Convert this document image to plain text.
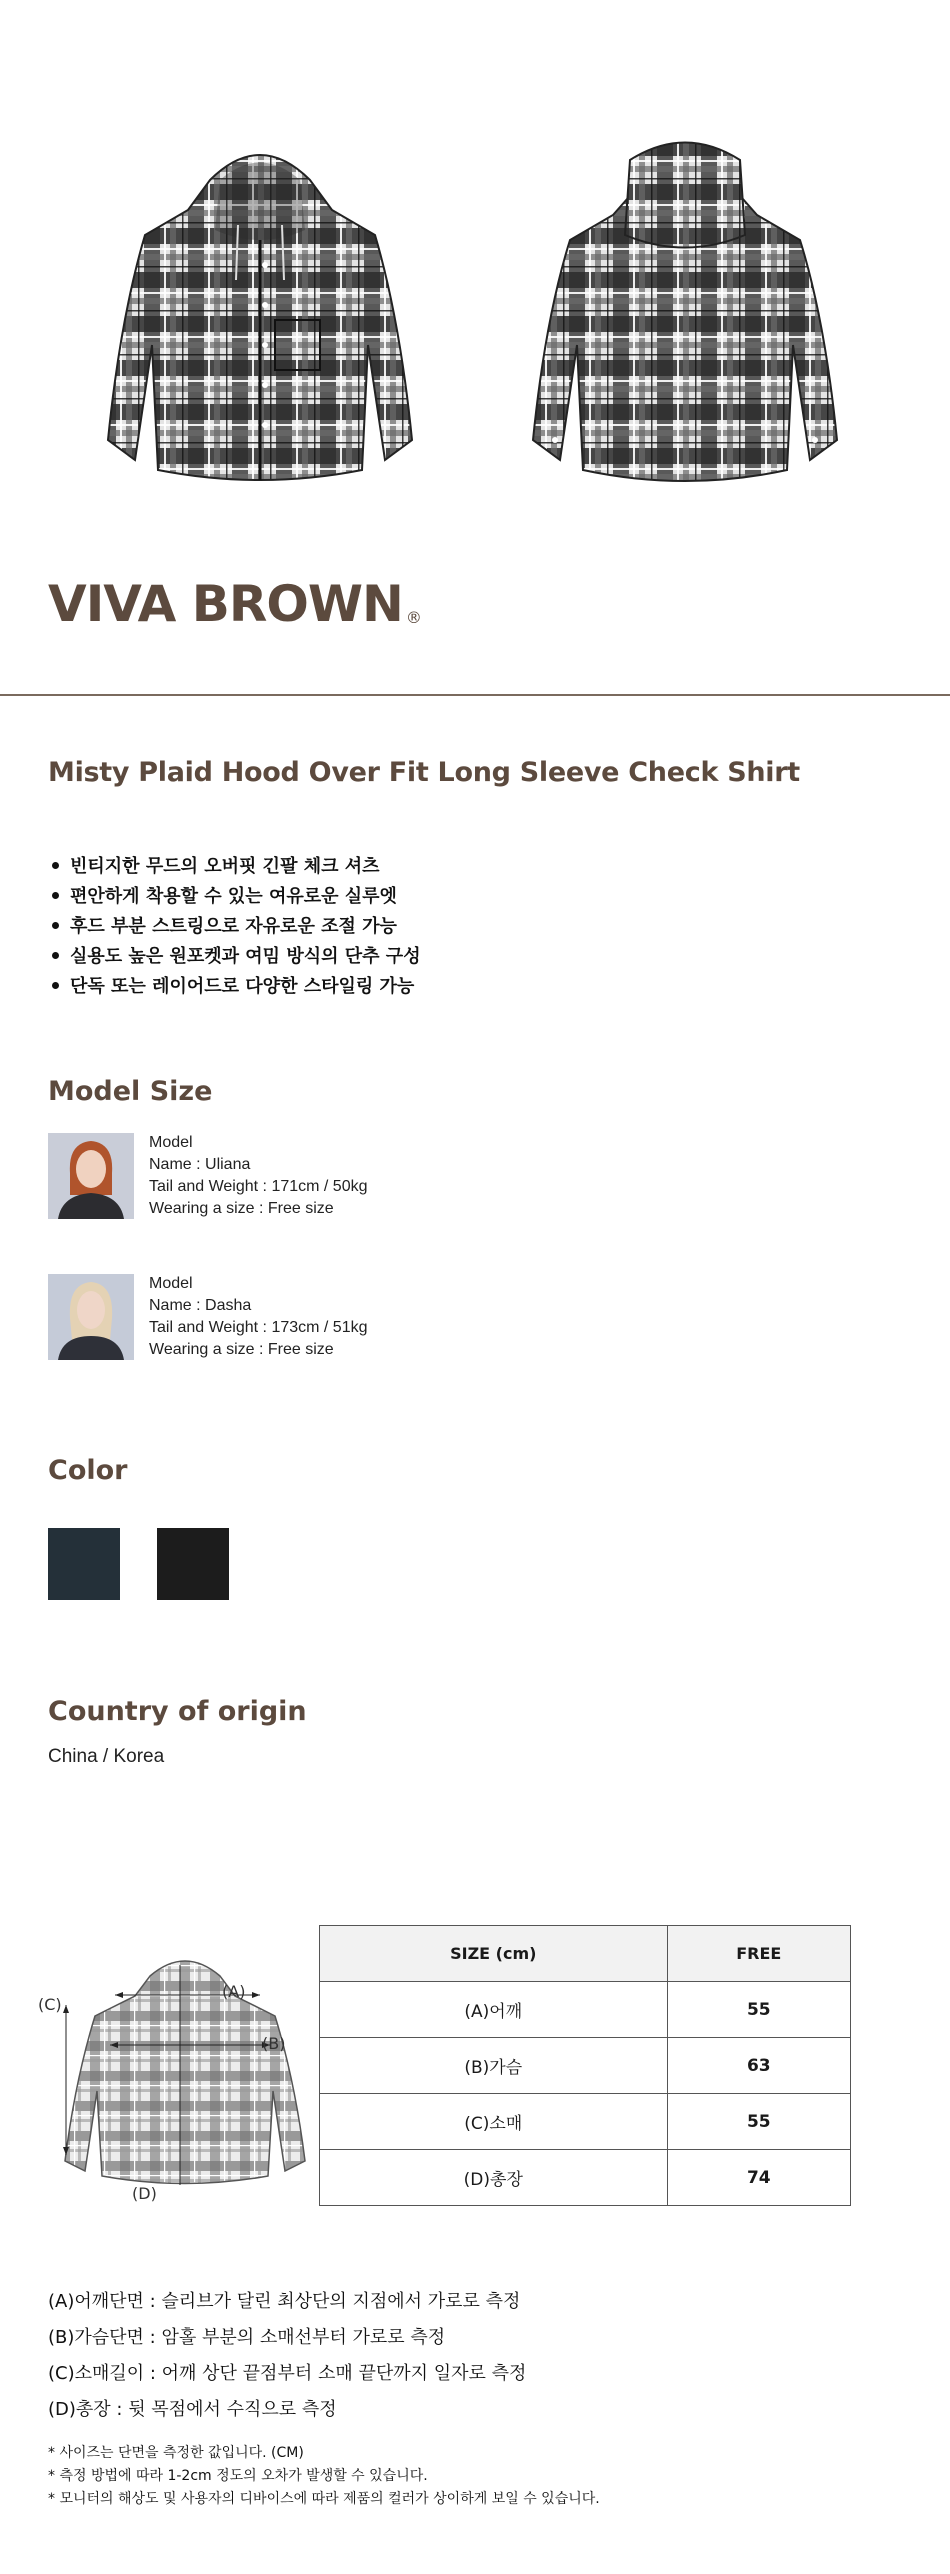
VIVA BROWN ®
Misty Plaid Hood Over Fit Long Sleeve Check Shirt
빈티지한 무드의 오버핏 긴팔 체크 셔츠
편안하게 착용할 수 있는 여유로운 실루엣
후드 부분 스트링으로 자유로운 조절 가능
실용도 높은 원포켓과 여밈 방식의 단추 구성
단독 또는 레이어드로 다양한 스타일링 가능
Model Size
Model
Name : Uliana
Tail and Weight : 171cm / 50kg
Wearing a size : Free size
Model
Name : Dasha
Tail and Weight : 173cm / 51kg
Wearing a size : Free size
Color
Country of origin
China / Korea
(A)
(B)
(C)
(D)
SIZE (cm)	FREE
(A)어깨	55
(B)가슴	63
(C)소매	55
(D)총장	74
(A)어깨단면 : 슬리브가 달린 최상단의 지점에서 가로로 측정
(B)가슴단면 : 암홀 부분의 소매선부터 가로로 측정
(C)소매길이 : 어깨 상단 끝점부터 소매 끝단까지 일자로 측정
(D)총장 : 뒷 목점에서 수직으로 측정
* 사이즈는 단면을 측정한 값입니다. (CM)
* 측정 방법에 따라 1-2cm 정도의 오차가 발생할 수 있습니다.
* 모니터의 해상도 및 사용자의 디바이스에 따라 제품의 컬러가 상이하게 보일 수 있습니다.
